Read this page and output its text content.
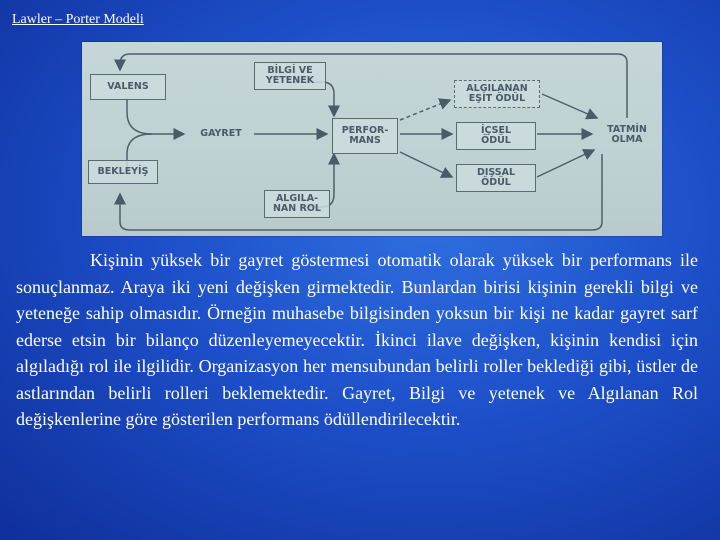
Lawler – Porter Modeli
VALENS
GAYRET
BEKLEYİŞ
BİLGİ VE
YETENEK
PERFOR-
MANS
ALGILA-
NAN ROL
ALGILANAN
EŞİT ÖDÜL
İÇSEL
ÖDÜL
DIŞSAL
ÖDÜL
TATMİN
OLMA

Kişinin yüksek bir gayret göstermesi otomatik olarak yüksek bir performans ile sonuçlanmaz. Araya iki yeni değişken girmektedir. Bunlardan birisi kişinin gerekli bilgi ve yeteneğe sahip olmasıdır. Örneğin muhasebe bilgisinden yoksun bir kişi ne kadar gayret sarf ederse etsin bir bilanço düzenleyemeyecektir. İkinci ilave değişken, kişinin kendisi için algıladığı rol ile ilgilidir. Organizasyon her mensubundan belirli roller beklediği gibi, üstler de astlarından belirli rolleri beklemektedir. Gayret, Bilgi ve yetenek ve Algılanan Rol değişkenlerine göre gösterilen performans ödüllendirilecektir.
